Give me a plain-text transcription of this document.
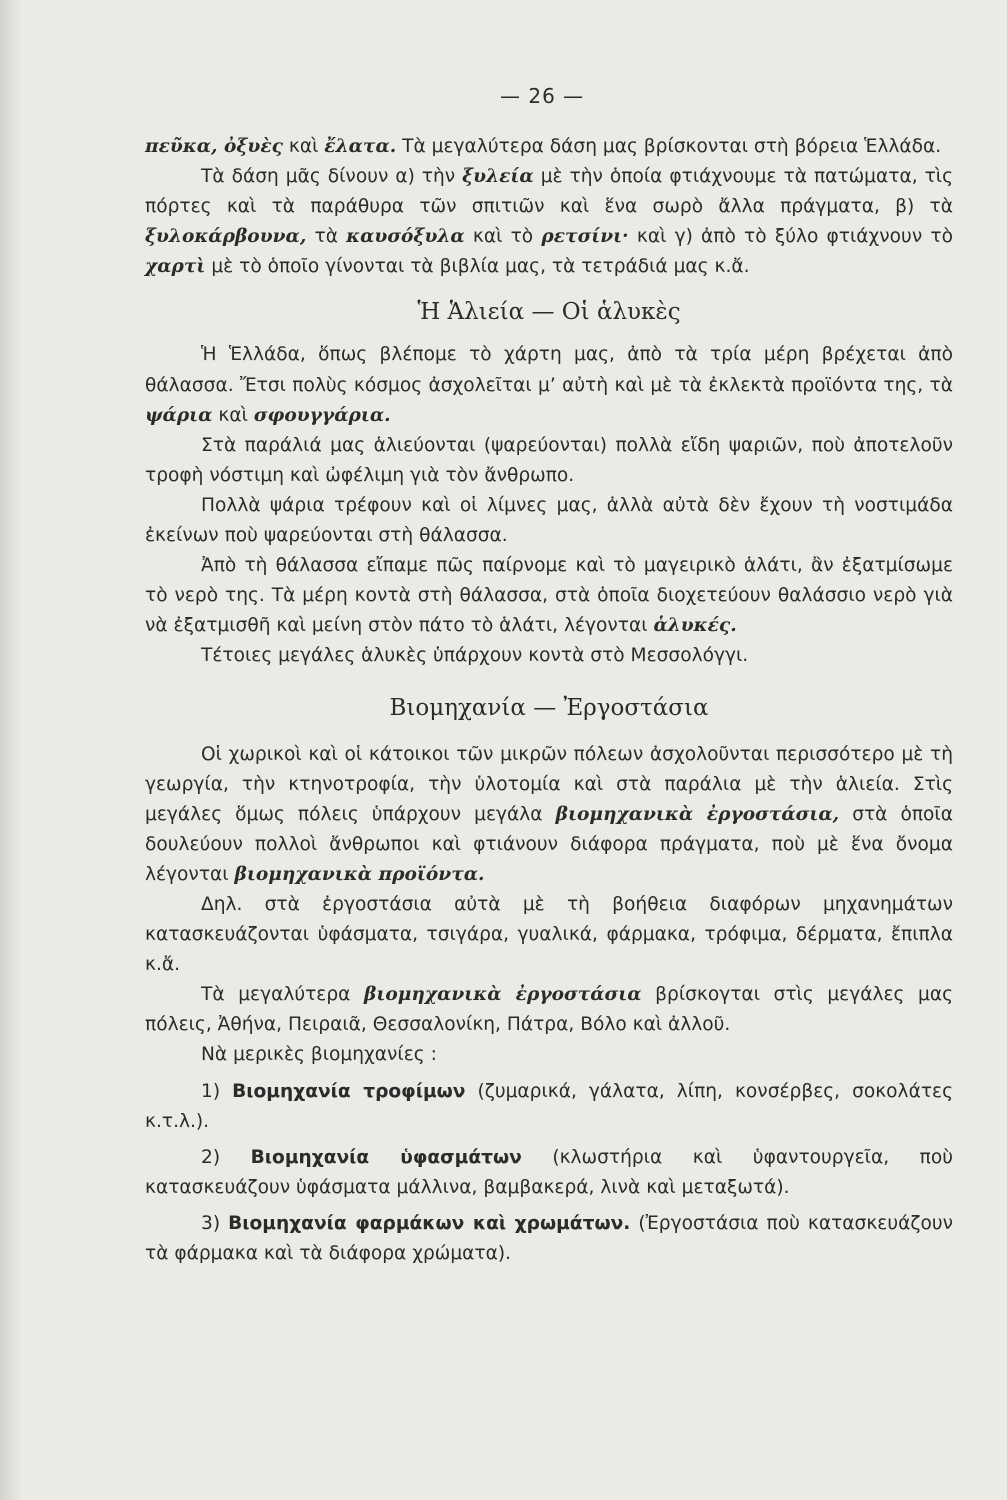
— 26 —

πεῦκα, ὀξυὲς καὶ ἔλατα. Τὰ μεγαλύτερα δάση μας βρίσκονται στὴ βόρεια Ἑλλάδα.

Τὰ δάση μᾶς δίνουν α) τὴν ξυλεία μὲ τὴν ὁποία φτιάχνουμε τὰ πατώματα, τὶς πόρτες καὶ τὰ παράθυρα τῶν σπιτιῶν καὶ ἕνα σωρὸ ἄλλα πράγματα, β) τὰ ξυλοκάρβουνα, τὰ καυσόξυλα καὶ τὸ ρετσίνι· καὶ γ) ἀπὸ τὸ ξύλο φτιάχνουν τὸ χαρτὶ μὲ τὸ ὁποῖο γίνονται τὰ βιβλία μας, τὰ τετράδιά μας κ.ἄ.

Ἡ Ἁλιεία — Οἱ ἁλυκὲς

Ἡ Ἑλλάδα, ὅπως βλέπομε τὸ χάρτη μας, ἀπὸ τὰ τρία μέρη βρέχεται ἀπὸ θάλασσα. Ἔτσι πολὺς κόσμος ἀσχολεῖται μ’ αὐτὴ καὶ μὲ τὰ ἐκλεκτὰ προϊόντα της, τὰ ψάρια καὶ σφουγγάρια.

Στὰ παράλιά μας ἁλιεύονται (ψαρεύονται) πολλὰ εἴδη ψαριῶν, ποὺ ἀποτελοῦν τροφὴ νόστιμη καὶ ὠφέλιμη γιὰ τὸν ἄνθρωπο.

Πολλὰ ψάρια τρέφουν καὶ οἱ λίμνες μας, ἀλλὰ αὐτὰ δὲν ἔχουν τὴ νοστιμάδα ἐκείνων ποὺ ψαρεύονται στὴ θάλασσα.

Ἀπὸ τὴ θάλασσα εἴπαμε πῶς παίρνομε καὶ τὸ μαγειρικὸ ἁλάτι, ἂν ἐξατμίσωμε τὸ νερὸ της. Τὰ μέρη κοντὰ στὴ θάλασσα, στὰ ὁποῖα διοχετεύουν θαλάσσιο νερὸ γιὰ νὰ ἐξατμισθῆ καὶ μείνη στὸν πάτο τὸ ἁλάτι, λέγονται ἁλυκές.

Τέτοιες μεγάλες ἁλυκὲς ὑπάρχουν κοντὰ στὸ Μεσσολόγγι.

Βιομηχανία — Ἐργοστάσια

Οἱ χωρικοὶ καὶ οἱ κάτοικοι τῶν μικρῶν πόλεων ἀσχολοῦνται περισσότερο μὲ τὴ γεωργία, τὴν κτηνοτροφία, τὴν ὑλοτομία καὶ στὰ παράλια μὲ τὴν ἁλιεία. Στὶς μεγάλες ὅμως πόλεις ὑπάρχουν μεγάλα βιομηχανικὰ ἐργοστάσια, στὰ ὁποῖα δουλεύουν πολλοὶ ἄνθρωποι καὶ φτιάνουν διάφορα πράγματα, ποὺ μὲ ἕνα ὄνομα λέγονται βιομηχανικὰ προϊόντα.

Δηλ. στὰ ἐργοστάσια αὐτὰ μὲ τὴ βοήθεια διαφόρων μηχανημάτων κατασκευάζονται ὑφάσματα, τσιγάρα, γυαλικά, φάρμακα, τρόφιμα, δέρματα, ἔπιπλα κ.ἄ.

Τὰ μεγαλύτερα βιομηχανικὰ ἐργοστάσια βρίσκογται στὶς μεγάλες μας πόλεις, Ἀθήνα, Πειραιᾶ, Θεσσαλονίκη, Πάτρα, Βόλο καὶ ἀλλοῦ.

Νὰ μερικὲς βιομηχανίες :

1) Βιομηχανία τροφίμων (ζυμαρικά, γάλατα, λίπη, κονσέρβες, σοκολάτες κ.τ.λ.).

2) Βιομηχανία ὑφασμάτων (κλωστήρια καὶ ὑφαντουργεῖα, ποὺ κατασκευάζουν ὑφάσματα μάλλινα, βαμβακερά, λινὰ καὶ μεταξωτά).

3) Βιομηχανία φαρμάκων καὶ χρωμάτων. (Ἐργοστάσια ποὺ κατασκευάζουν τὰ φάρμακα καὶ τὰ διάφορα χρώματα).
